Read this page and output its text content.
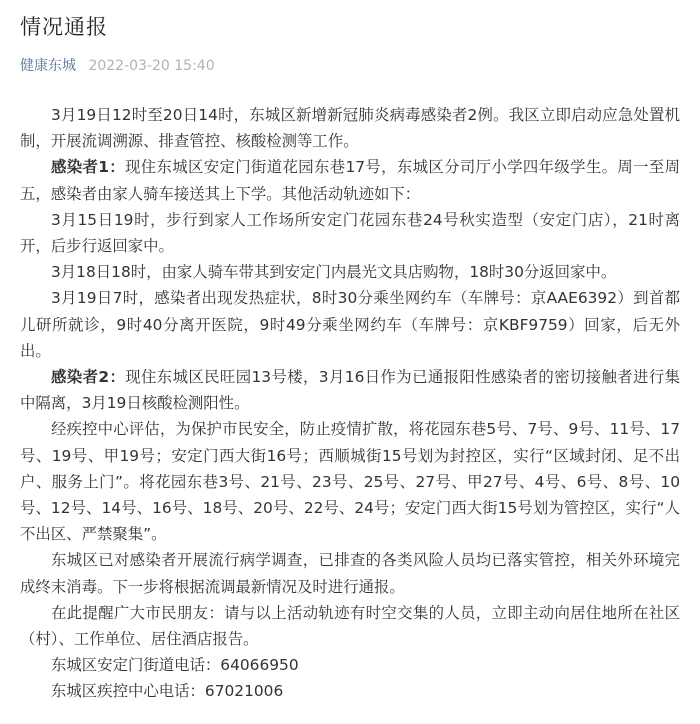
情况通报
健康东城 2022-03-20 15:40

3月19日12时至20日14时，东城区新增新冠肺炎病毒感染者2例。我区立即启动应急处置机制，开展流调溯源、排查管控、核酸检测等工作。

感染者1：现住东城区安定门街道花园东巷17号，东城区分司厅小学四年级学生。周一至周五，感染者由家人骑车接送其上下学。其他活动轨迹如下：

3月15日19时，步行到家人工作场所安定门花园东巷24号秋实造型（安定门店），21时离开，后步行返回家中。

3月18日18时，由家人骑车带其到安定门内晨光文具店购物，18时30分返回家中。

3月19日7时，感染者出现发热症状，8时30分乘坐网约车（车牌号：京AAE6392）到首都儿研所就诊，9时40分离开医院，9时49分乘坐网约车（车牌号：京KBF9759）回家，后无外出。

感染者2：现住东城区民旺园13号楼，3月16日作为已通报阳性感染者的密切接触者进行集中隔离，3月19日核酸检测阳性。

经疾控中心评估，为保护市民安全，防止疫情扩散，将花园东巷5号、7号、9号、11号、17号、19号、甲19号；安定门西大街16号；西顺城街15号划为封控区，实行“区域封闭、足不出户、服务上门”。将花园东巷3号、21号、23号、25号、27号、甲27号、4号、6号、8号、10号、12号、14号、16号、18号、20号、22号、24号；安定门西大街15号划为管控区，实行“人不出区、严禁聚集”。

东城区已对感染者开展流行病学调查，已排查的各类风险人员均已落实管控，相关外环境完成终末消毒。下一步将根据流调最新情况及时进行通报。

在此提醒广大市民朋友：请与以上活动轨迹有时空交集的人员，立即主动向居住地所在社区（村）、工作单位、居住酒店报告。

东城区安定门街道电话：64066950

东城区疾控中心电话：67021006
